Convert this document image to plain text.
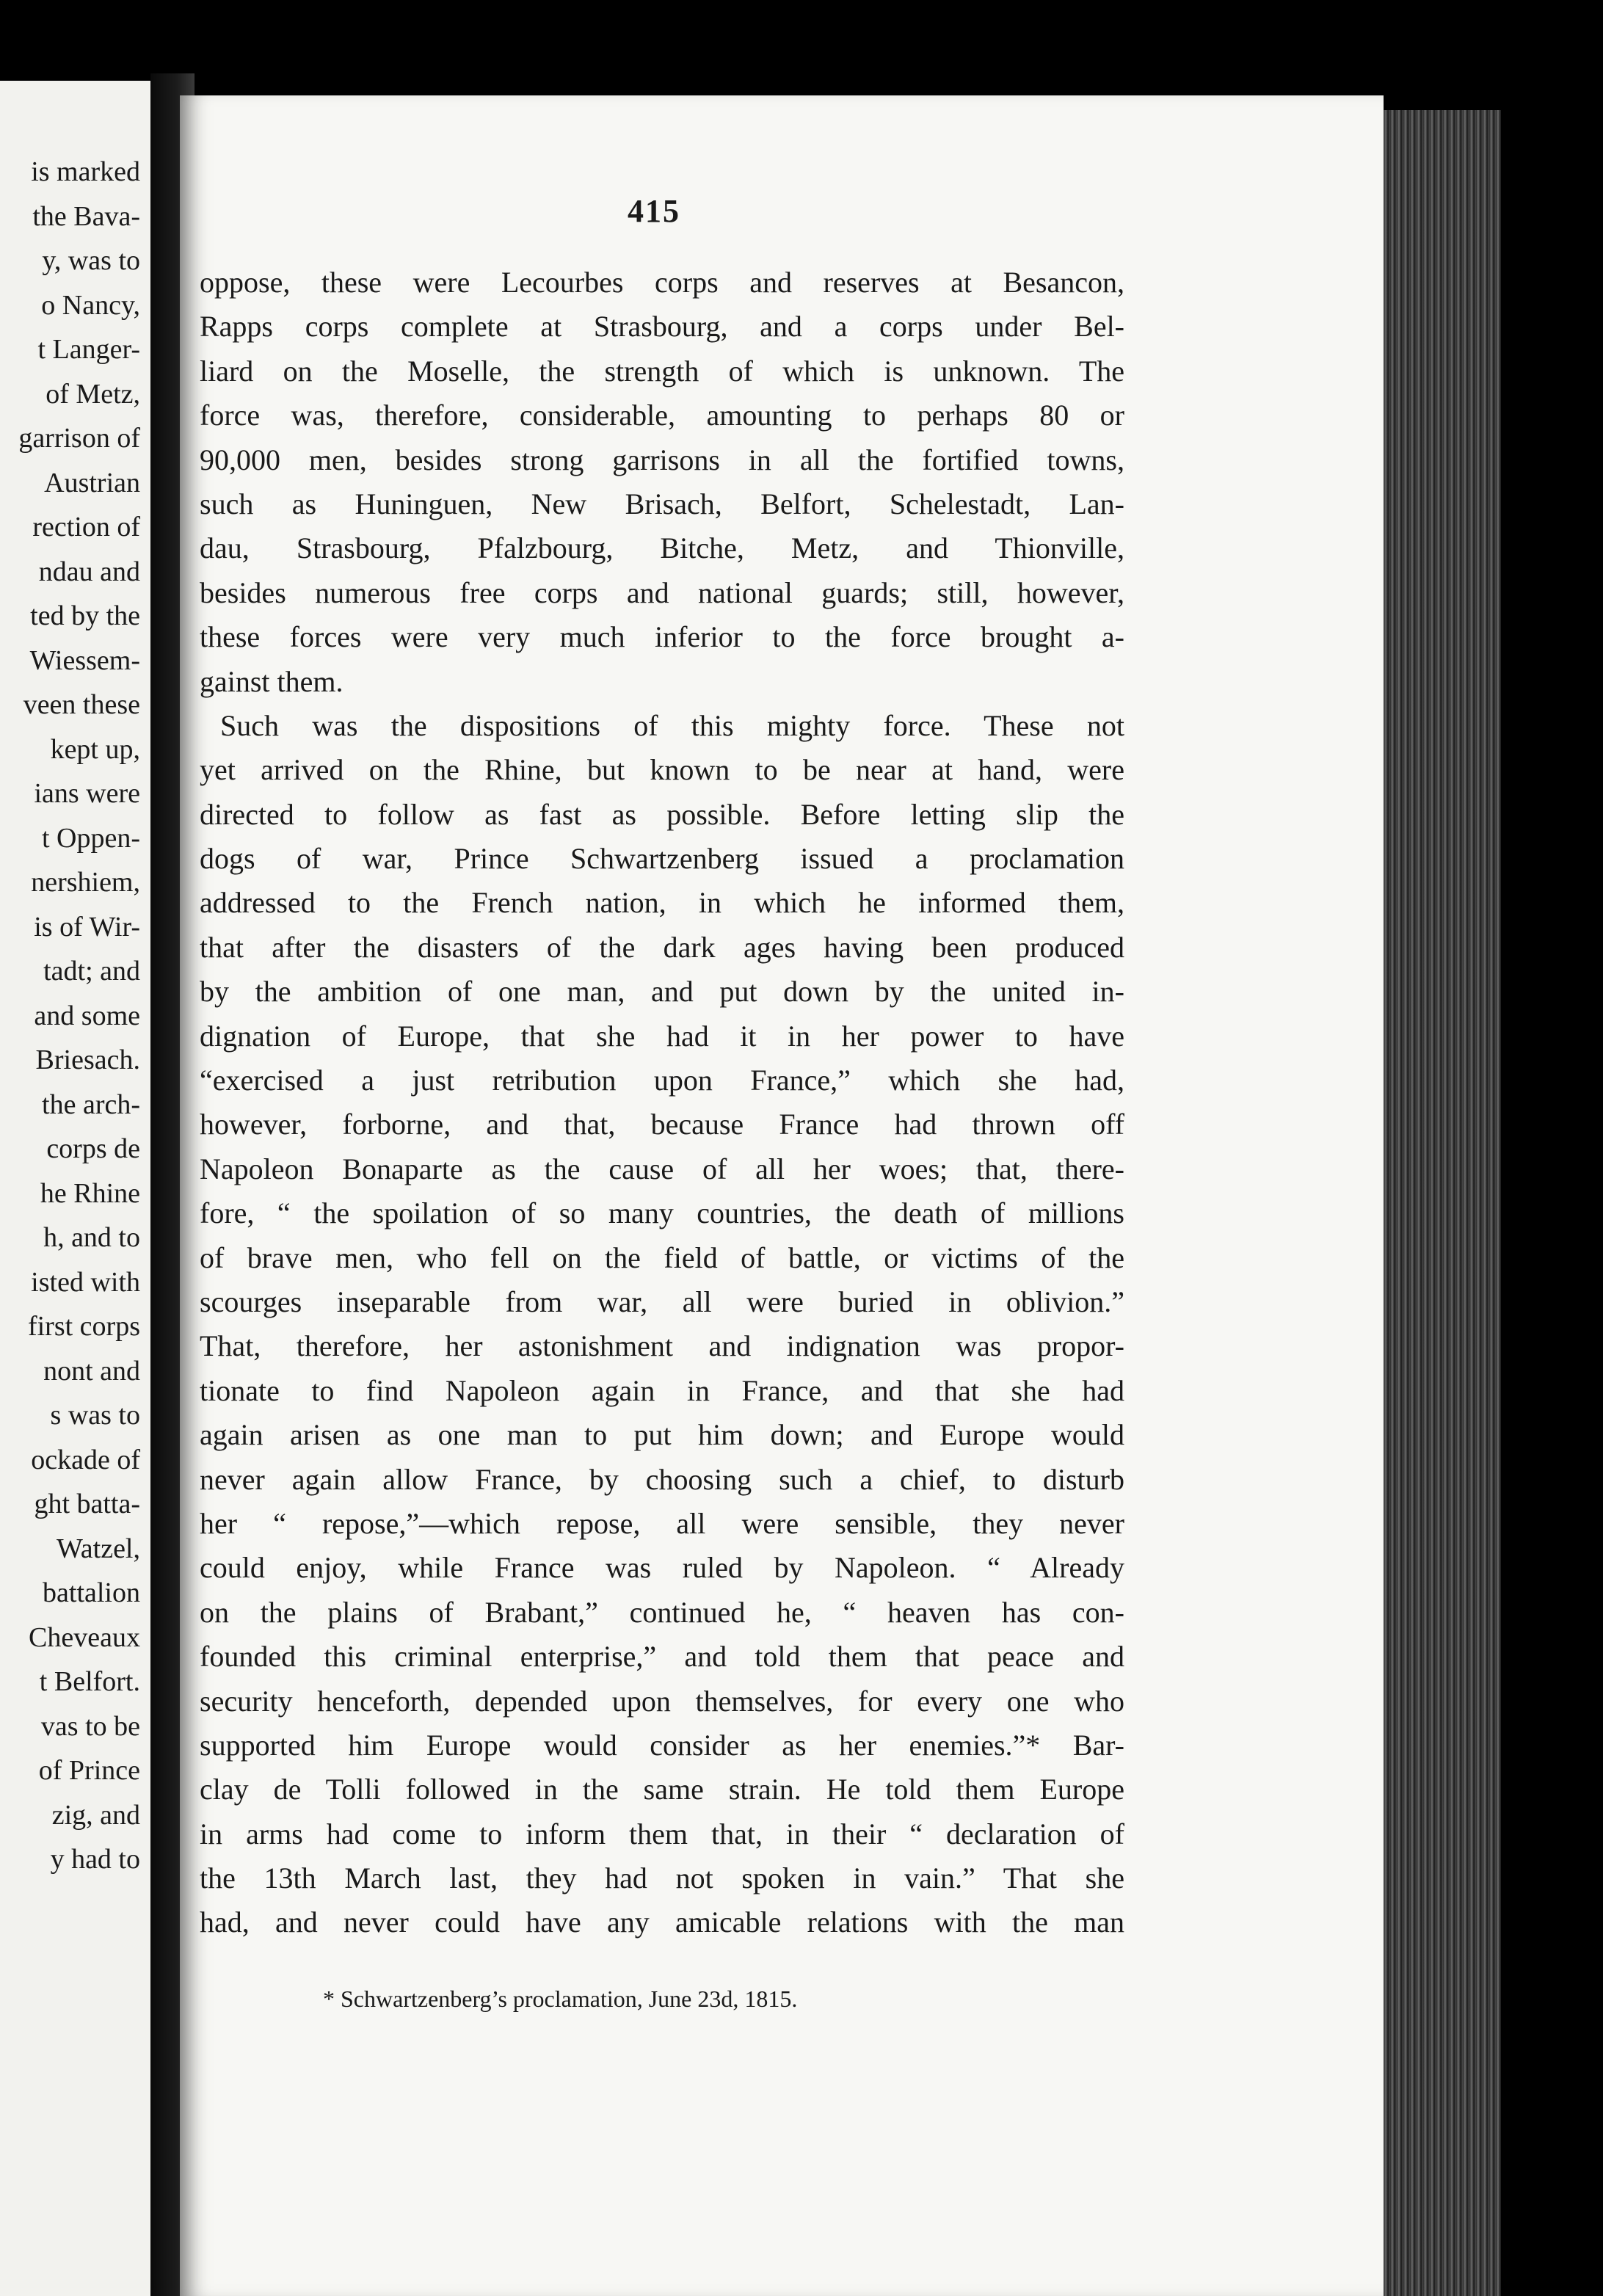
is marked
the Bava-
y, was to
o Nancy,
t Langer-
of Metz,
garrison of
Austrian
rection of
ndau and
ted by the
Wiessem-
veen these
kept up,
ians were
t Oppen-
nershiem,
is of Wir-
tadt; and
and some
Briesach.
the arch-
corps de
he Rhine
h, and to
isted with
first corps
nont and
s was to
ockade of
ght batta-
Watzel,
battalion
Cheveaux
t Belfort.
vas to be
of Prince
zig, and
y had to
415
oppose, these were Lecourbes corps and reserves at Besancon,
Rapps corps complete at Strasbourg, and a corps under Bel-
liard on the Moselle, the strength of which is unknown. The
force was, therefore, considerable, amounting to perhaps 80 or
90,000 men, besides strong garrisons in all the fortified towns,
such as Huninguen, New Brisach, Belfort, Schelestadt, Lan-
dau, Strasbourg, Pfalzbourg, Bitche, Metz, and Thionville,
besides numerous free corps and national guards; still, however,
these forces were very much inferior to the force brought a-
gainst them.
Such was the dispositions of this mighty force. These not
yet arrived on the Rhine, but known to be near at hand, were
directed to follow as fast as possible. Before letting slip the
dogs of war, Prince Schwartzenberg issued a proclamation
addressed to the French nation, in which he informed them,
that after the disasters of the dark ages having been produced
by the ambition of one man, and put down by the united in-
dignation of Europe, that she had it in her power to have
“exercised a just retribution upon France,” which she had,
however, forborne, and that, because France had thrown off
Napoleon Bonaparte as the cause of all her woes; that, there-
fore, “ the spoilation of so many countries, the death of millions
of brave men, who fell on the field of battle, or victims of the
scourges inseparable from war, all were buried in oblivion.”
That, therefore, her astonishment and indignation was propor-
tionate to find Napoleon again in France, and that she had
again arisen as one man to put him down; and Europe would
never again allow France, by choosing such a chief, to disturb
her “ repose,”—which repose, all were sensible, they never
could enjoy, while France was ruled by Napoleon. “ Already
on the plains of Brabant,” continued he, “ heaven has con-
founded this criminal enterprise,” and told them that peace and
security henceforth, depended upon themselves, for every one who
supported him Europe would consider as her enemies.”* Bar-
clay de Tolli followed in the same strain. He told them Europe
in arms had come to inform them that, in their “ declaration of
the 13th March last, they had not spoken in vain.” That she
had, and never could have any amicable relations with the man
* Schwartzenberg’s proclamation, June 23d, 1815.
